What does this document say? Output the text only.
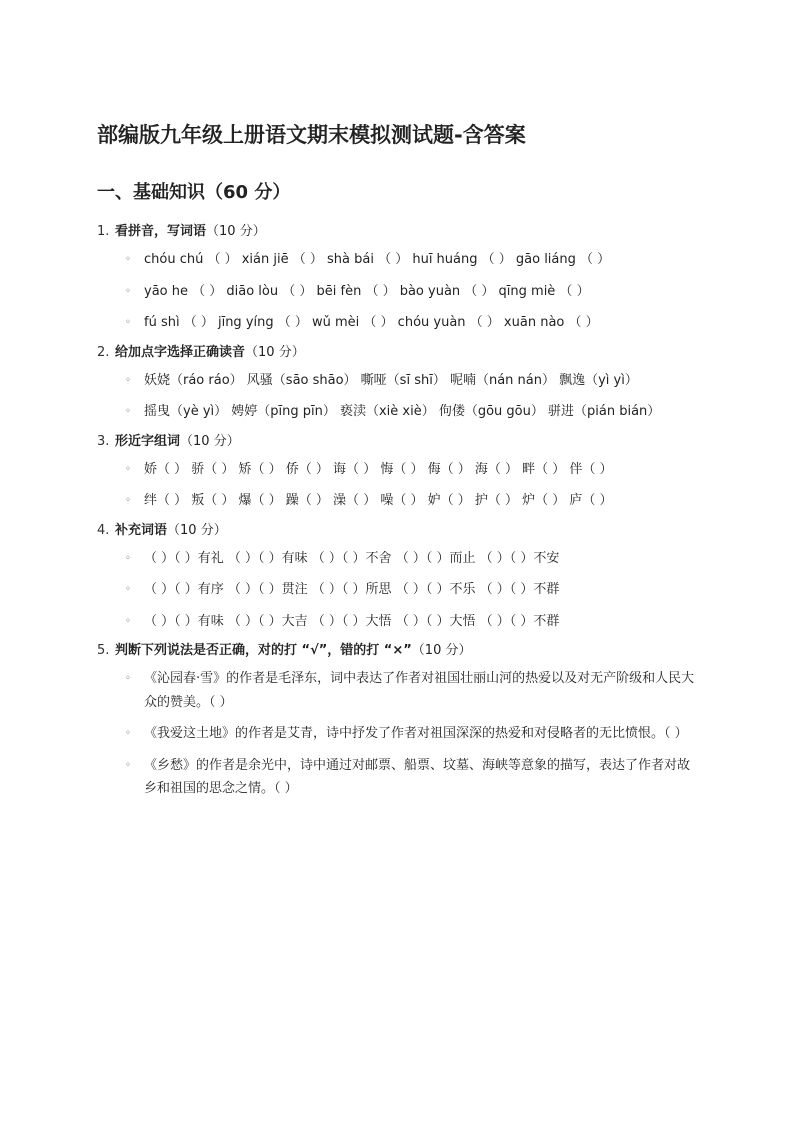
部编版九年级上册语文期末模拟测试题-含答案
一、基础知识（60 分）
1. 看拼音，写词语 （10 分）
◦	chóu chú （ ） xián jiē （ ） shà bái （ ） huī huáng （ ） gāo liáng （ ）
◦	yāo he （ ） diāo lòu （ ） bēi fèn （ ） bào yuàn （ ） qīng miè （ ）
◦	fú shì （ ） jīng yíng （ ） wǔ mèi （ ） chóu yuàn （ ） xuān nào （ ）
2. 给加点字选择正确读音 （10 分）
◦	妖娆（ráo ráo） 风骚（sāo shāo） 嘶哑（sī shī） 呢喃（nán nán） 飘逸（yì yì）
◦	摇曳（yè yì） 娉婷（pīng pīn） 亵渎（xiè xiè） 佝偻（gōu gōu） 骈进（pián bián）
3. 形近字组词 （10 分）
◦	娇（ ） 骄（ ） 矫（ ） 侨（ ） 诲（ ） 悔（ ） 侮（ ） 海（ ） 畔（ ） 伴（ ）
◦	绊（ ） 叛（ ） 爆（ ） 躁（ ） 澡（ ） 噪（ ） 妒（ ） 护（ ） 炉（ ） 庐（ ）
4. 补充词语 （10 分）
◦	（ ）（ ）有礼 （ ）（ ）有味 （ ）（ ）不舍 （ ）（ ）而止 （ ）（ ）不安
◦	（ ）（ ）有序 （ ）（ ）贯注 （ ）（ ）所思 （ ）（ ）不乐 （ ）（ ）不群
◦	（ ）（ ）有味 （ ）（ ）大吉 （ ）（ ）大悟 （ ）（ ）大悟 （ ）（ ）不群
5. 判断下列说法是否正确，对的打 “√”，错的打 “×” （10 分）
◦	《沁园春·雪》的作者是毛泽东，词中表达了作者对祖国壮丽山河的热爱以及对无产阶级和人民大众的赞美。（ ）
◦	《我爱这土地》的作者是艾青，诗中抒发了作者对祖国深深的热爱和对侵略者的无比愤恨。（ ）
◦	《乡愁》的作者是余光中，诗中通过对邮票、船票、坟墓、海峡等意象的描写，表达了作者对故乡和祖国的思念之情。（ ）
